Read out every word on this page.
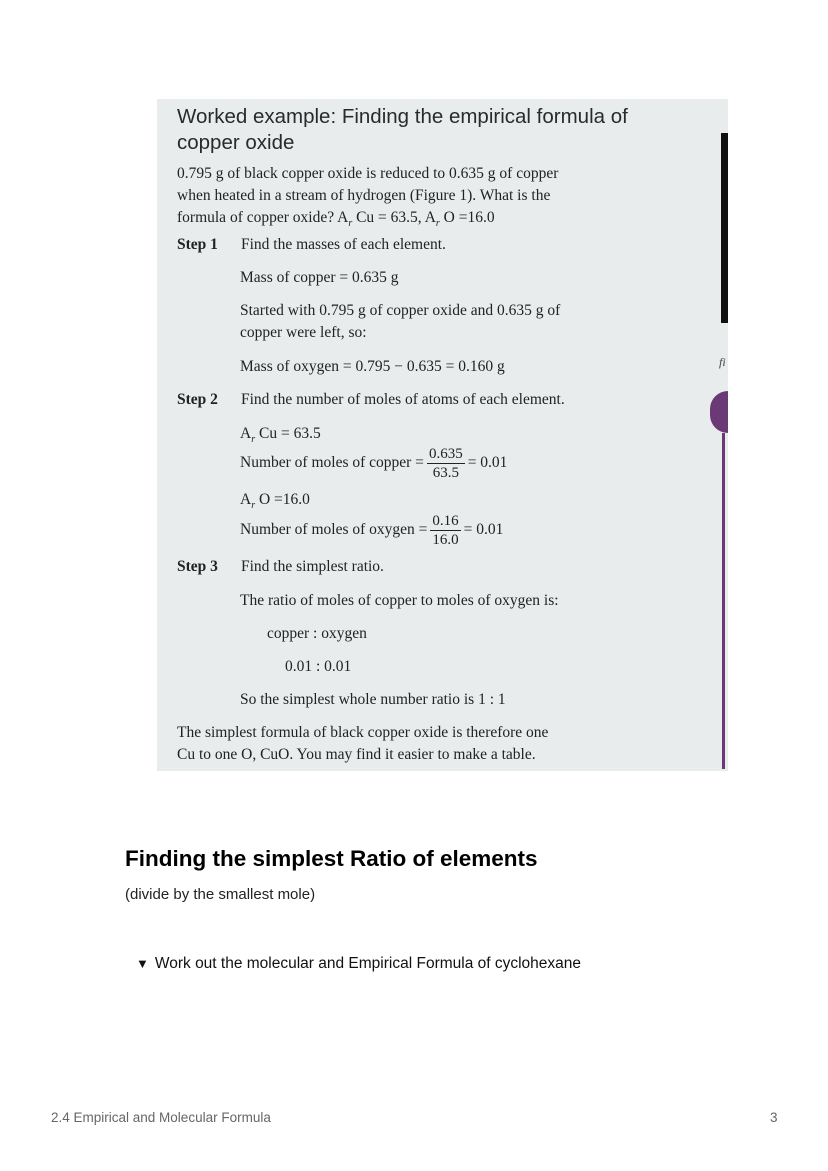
Worked example: Finding the empirical formula of
copper oxide
0.795 g of black copper oxide is reduced to 0.635 g of copper
when heated in a stream of hydrogen (Figure 1). What is the
formula of copper oxide? $A_r$ Cu = 63.5, $A_r$ O =16.0
Step 1 Find the masses of each element.
Mass of copper = 0.635 g
Started with 0.795 g of copper oxide and 0.635 g of
copper were left, so:
Mass of oxygen = 0.795 − 0.635 = 0.160 g
Step 2 Find the number of moles of atoms of each element.
$A_r$ Cu = 63.5
Number of moles of copper = $\frac{0.635}{63.5} = 0.01$
$A_r$ O =16.0
Number of moles of oxygen = $\frac{0.16}{16.0} = 0.01$
Step 3 Find the simplest ratio.
The ratio of moles of copper to moles of oxygen is:
copper : oxygen
0.01 : 0.01
So the simplest whole number ratio is 1 : 1
The simplest formula of black copper oxide is therefore one
Cu to one O, CuO. You may find it easier to make a table.
fi
Finding the simplest Ratio of elements
(divide by the smallest mole)
▼ Work out the molecular and Empirical Formula of cyclohexane
2.4 Empirical and Molecular Formula	3
